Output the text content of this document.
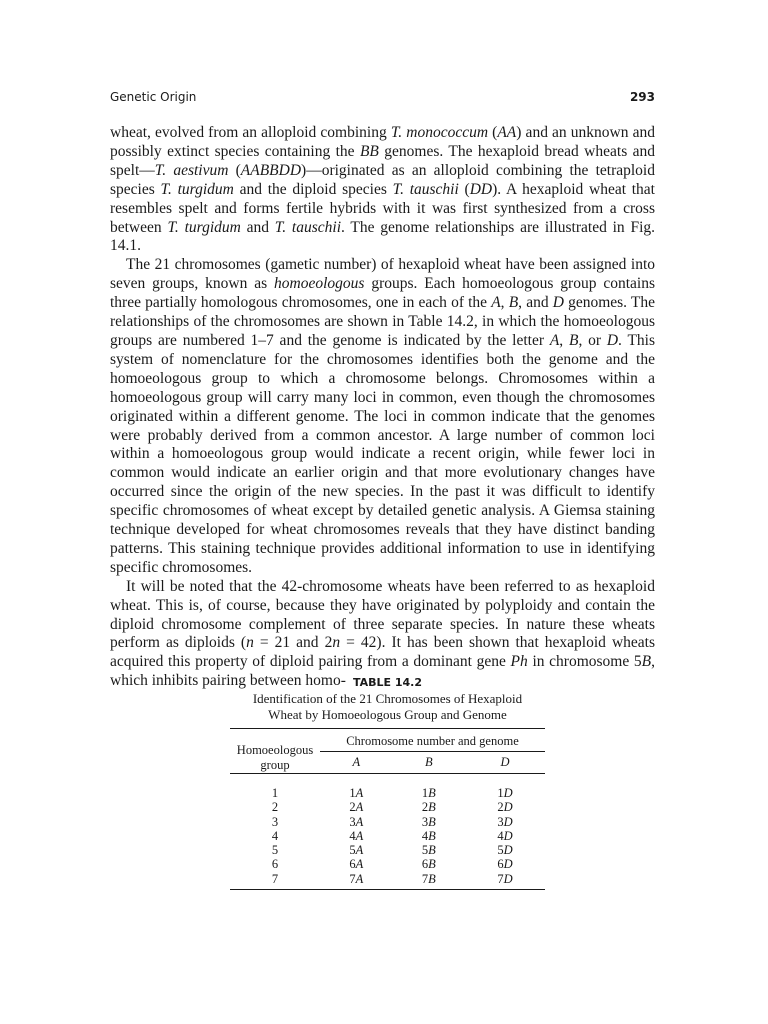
Genetic Origin	293

wheat, evolved from an alloploid combining T. monococcum (AA) and an unknown and possibly extinct species containing the BB genomes. The hexaploid bread wheats and spelt—T. aestivum (AABBDD)—originated as an alloploid combining the tetraploid species T. turgidum and the diploid species T. tauschii (DD). A hexaploid wheat that resembles spelt and forms fertile hybrids with it was first synthesized from a cross between T. turgidum and T. tauschii. The genome relationships are illustrated in Fig. 14.1.

The 21 chromosomes (gametic number) of hexaploid wheat have been assigned into seven groups, known as homoeologous groups. Each homoeologous group contains three partially homologous chromosomes, one in each of the A, B, and D genomes. The relationships of the chromosomes are shown in Table 14.2, in which the homoeologous groups are numbered 1–7 and the genome is indicated by the letter A, B, or D. This system of nomenclature for the chromosomes identifies both the genome and the homoeologous group to which a chromosome belongs. Chromosomes within a homoeologous group will carry many loci in common, even though the chromosomes originated within a different genome. The loci in common indicate that the genomes were probably derived from a common ancestor. A large number of common loci within a homoeologous group would indicate a recent origin, while fewer loci in common would indicate an earlier origin and that more evolutionary changes have occurred since the origin of the new species. In the past it was difficult to identify specific chromosomes of wheat except by detailed genetic analysis. A Giemsa staining technique developed for wheat chromosomes reveals that they have distinct banding patterns. This staining technique provides additional information to use in identifying specific chromosomes.

It will be noted that the 42-chromosome wheats have been referred to as hexaploid wheat. This is, of course, because they have originated by polyploidy and contain the diploid chromosome complement of three separate species. In nature these wheats perform as diploids (n = 21 and 2n = 42). It has been shown that hexaploid wheats acquired this property of diploid pairing from a dominant gene Ph in chromosome 5B, which inhibits pairing between homo- TABLE 14.2
Identification of the 21 Chromosomes of Hexaploid
Wheat by Homoeologous Group and Genome
Homoeologous
group	Chromosome number and genome		
	A	B	D
1	1A	1B	1D
2	2A	2B	2D
3	3A	3B	3D
4	4A	4B	4D
5	5A	5B	5D
6	6A	6B	6D
7	7A	7B	7D
